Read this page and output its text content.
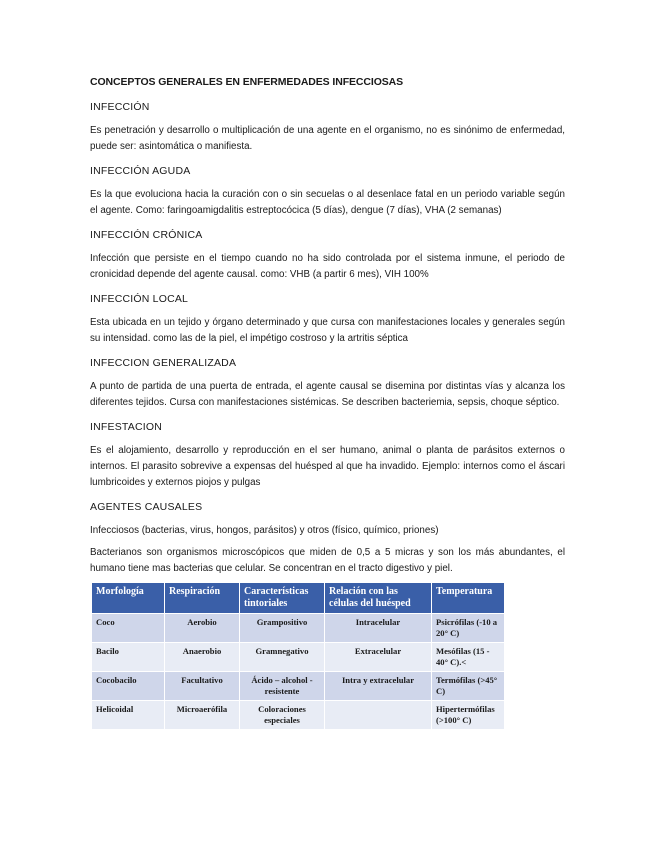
CONCEPTOS GENERALES EN ENFERMEDADES INFECCIOSAS
INFECCIÓN
Es penetración y desarrollo o multiplicación de una agente en el organismo, no es sinónimo de enfermedad, puede ser: asintomática o manifiesta.
INFECCIÓN AGUDA
Es la que evoluciona hacia la curación con o sin secuelas o al desenlace fatal en un periodo variable según el agente. Como: faringoamigdalitis estreptocócica (5 días), dengue (7 días), VHA (2 semanas)
INFECCIÓN CRÓNICA
Infección que persiste en el tiempo cuando no ha sido controlada por el sistema inmune, el periodo de cronicidad depende del agente causal. como: VHB (a partir 6 mes), VIH 100%
INFECCIÓN LOCAL
Esta ubicada en un tejido y órgano determinado y que cursa con manifestaciones locales y generales según su intensidad. como las de la piel, el impétigo costroso y la artritis séptica
INFECCION GENERALIZADA
A punto de partida de una puerta de entrada, el agente causal se disemina por distintas vías y alcanza los diferentes tejidos. Cursa con manifestaciones sistémicas. Se describen bacteriemia, sepsis, choque séptico.
INFESTACION
Es el alojamiento, desarrollo y reproducción en el ser humano, animal o planta de parásitos externos o internos. El parasito sobrevive a expensas del huésped al que ha invadido. Ejemplo: internos como el áscari lumbricoides y externos piojos y pulgas
AGENTES CAUSALES
Infecciosos (bacterias, virus, hongos, parásitos) y otros (físico, químico, priones)
Bacterianos son organismos microscópicos que miden de 0,5 a 5 micras y son los más abundantes, el humano tiene mas bacterias que celular. Se concentran en el tracto digestivo y piel.
Morfología	Respiración	Características tintoriales	Relación con las células del huésped	Temperatura
Coco	Aerobio	Grampositivo	Intracelular	Psicrófilas (-10 a 20° C)
Bacilo	Anaerobio	Gramnegativo	Extracelular	Mesófilas (15 - 40° C).<
Cocobacilo	Facultativo	Ácido – alcohol - resistente	Intra y extracelular	Termófilas (>45° C)
Helicoidal	Microaerófila	Coloraciones especiales		Hipertermófilas (>100° C)
